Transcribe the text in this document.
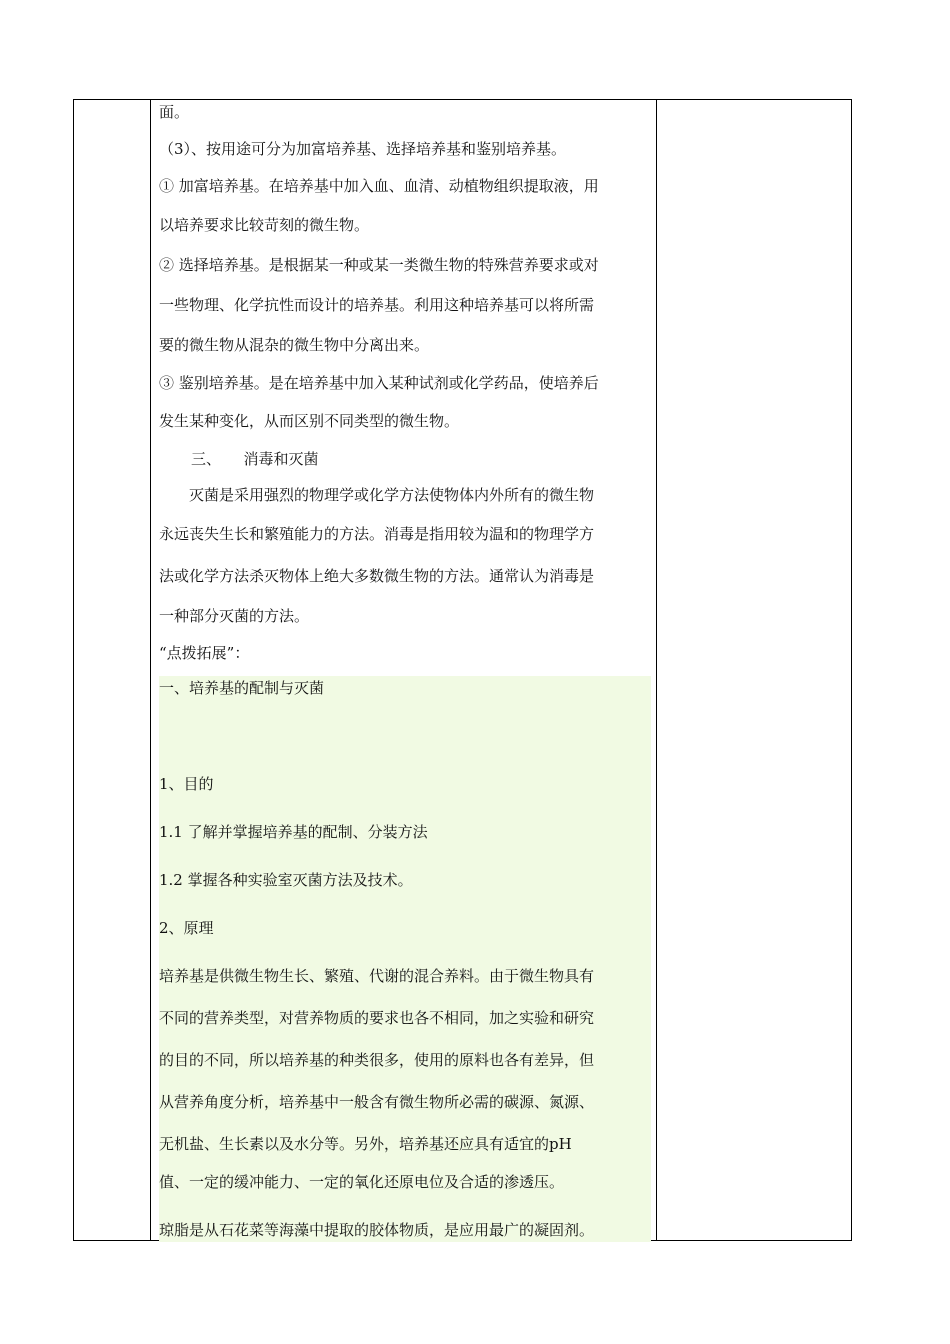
一、培养基的配制与灭菌
1、目的
1.1 了解并掌握培养基的配制、分装方法
1.2 掌握各种实验室灭菌方法及技术。
2、原理
培养基是供微生物生长、繁殖、代谢的混合养料。由于微生物具有
不同的营养类型，对营养物质的要求也各不相同，加之实验和研究
的目的不同，所以培养基的种类很多，使用的原料也各有差异，但
从营养角度分析，培养基中一般含有微生物所必需的碳源、氮源、
无机盐、生长素以及水分等。另外，培养基还应具有适宜的pH
值、一定的缓冲能力、一定的氧化还原电位及合适的渗透压。
琼脂是从石花菜等海藻中提取的胶体物质，是应用最广的凝固剂。
面。
（3）、按用途可分为加富培养基、选择培养基和鉴别培养基。
① 加富培养基。在培养基中加入血、血清、动植物组织提取液，用
以培养要求比较苛刻的微生物。
② 选择培养基。是根据某一种或某一类微生物的特殊营养要求或对
一些物理、化学抗性而设计的培养基。利用这种培养基可以将所需
要的微生物从混杂的微生物中分离出来。
③ 鉴别培养基。是在培养基中加入某种试剂或化学药品，使培养后
发生某种变化，从而区别不同类型的微生物。
三、　　消毒和灭菌
灭菌是采用强烈的物理学或化学方法使物体内外所有的微生物
永远丧失生长和繁殖能力的方法。消毒是指用较为温和的物理学方
法或化学方法杀灭物体上绝大多数微生物的方法。通常认为消毒是
一种部分灭菌的方法。
“点拨拓展”：
